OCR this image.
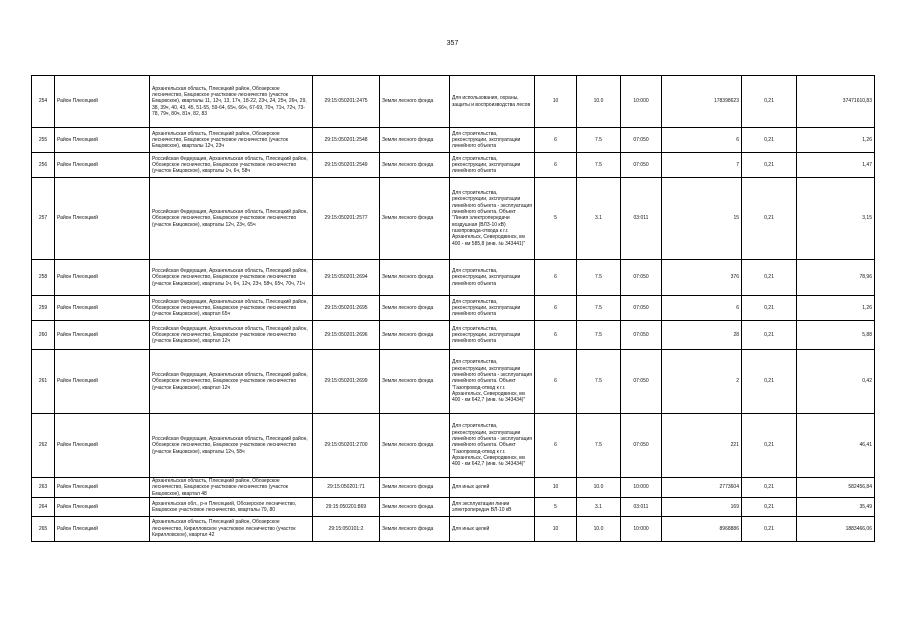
357
254	Район Плесецкий	Архангельская область, Плесецкий район, Обозерское лесничество, Емцовское участковое лесничество (участок Емцовское), кварталы 11, 12ч, 13, 17ч, 18-22, 23ч, 24, 25ч, 26ч, 29, 38, 39ч, 40, 43, 45, 51-55, 59-64, 65ч, 66ч, 67-69, 70ч, 71ч, 72ч, 73-78, 79ч, 80ч, 81ч, 82, 83	29:15:050201:2475	Земли лесного фонда	Для использования, охраны, защиты и воспроизводства лесов	10	10.0	10:000	178398623	0,21	37471610,83
255	Район Плесецкий	Архангельская область, Плесецкий район, Обозерское лесничество, Емцовское участковое лесничество (участок Емцовское), кварталы 12ч, 23ч	29:15:050201:2548	Земли лесного фонда	Для строительства, реконструкции, эксплуатации линейного объекта	6	7.5	07:050	6	0,21	1,26
256	Район Плесецкий	Российская Федерация, Архангельская область, Плесецкий район, Обозерское лесничество, Емцовское участковое лесничество (участок Емцовское), кварталы 1ч, 6ч, 58ч	29:15:050201:2549	Земли лесного фонда	Для строительства, реконструкции, эксплуатации линейного объекта	6	7.5	07:050	7	0,21	1,47
257	Район Плесецкий	Российская Федерация, Архангельская область, Плесецкий район, Обозерское лесничество, Емцовское участковое лесничество (участок Емцовское), кварталы 12ч, 23ч, 65ч	29:15:050201:2577	Земли лесного фонда	Для строительства, реконструкции, эксплуатации линейного объекта - эксплуатация линейного объекта. Объект "Линия электропередачи воздушная (ВЛЗ-10 кВ) газопровода-отвода к г.г. Архангельск, Северодвинск, км 400 - км 585,8 (инв. № 343441)"	5	3.1	03:011	15	0,21	3,15
258	Район Плесецкий	Российская Федерация, Архангельская область, Плесецкий район, Обозерское лесничество, Емцовское участковое лесничество (участок Емцовское), кварталы 1ч, 6ч, 12ч, 23ч, 58ч, 65ч, 70ч, 71ч	29:15:050201:2694	Земли лесного фонда	Для строительства, реконструкции, эксплуатации линейного объекта	6	7.5	07:050	376	0,21	78,96
259	Район Плесецкий	Российская Федерация, Архангельская область, Плесецкий район, Обозерское лесничество, Емцовское участковое лесничество (участок Емцовское), квартал 65ч	29:15:050201:2695	Земли лесного фонда	Для строительства, реконструкции, эксплуатации линейного объекта	6	7.5	07:050	6	0,21	1,26
260	Район Плесецкий	Российская Федерация, Архангельская область, Плесецкий район, Обозерское лесничество, Емцовское участковое лесничество (участок Емцовское), квартал 12ч	29:15:050201:2696	Земли лесного фонда	Для строительства, реконструкции, эксплуатации линейного объекта	6	7.5	07:050	28	0,21	5,88
261	Район Плесецкий	Российская Федерация, Архангельская область, Плесецкий район, Обозерское лесничество, Емцовское участковое лесничество (участок Емцовское), квартал 12ч	29:15:050201:2699	Земли лесного фонда	Для строительства, реконструкции, эксплуатации линейного объекта - эксплуатация линейного объекта. Объект "Газопровод-отвод к г.г. Архангельск, Северодвинск, км 400 - км 642,7 (инв. № 343434)"	6	7.5	07:050	2	0,21	0,42
262	Район Плесецкий	Российская Федерация, Архангельская область, Плесецкий район, Обозерское лесничество, Емцовское участковое лесничество (участок Емцовское), кварталы 12ч, 58ч	29:15:050201:2700	Земли лесного фонда	Для строительства, реконструкции, эксплуатации линейного объекта - эксплуатация линейного объекта. Объект "Газопровод-отвод к г.г. Архангельск, Северодвинск, км 400 - км 642,7 (инв. № 343434)"	6	7.5	07:050	221	0,21	46,41
263	Район Плесецкий	Архангельская область, Плесецкий район, Обозерское лесничество, Емцовское участковое лесничество (участок Емцовское), квартал 48	29:15:050201:71	Земли лесного фонда	Для иных целей	10	10.0	10:000	2773604	0,21	582456,84
264	Район Плесецкий	Архангельская обл., р-н Плесецкий, Обозерское лесничество, Емцовское участковое лесничество, кварталы 79, 80	29:15:050201:869	Земли лесного фонда	Для эксплуатации линии электропередач ВЛ-10 кВ	5	3.1	03:011	169	0,21	35,49
265	Район Плесецкий	Архангельская область, Плесецкий район, Обозерское лесничество, Кирилловское участковое лесничество (участок Кирилловское), квартал 42	29:15:050101:2	Земли лесного фонда	Для иных целей	10	10.0	10:000	8968886	0,21	1883466,06
